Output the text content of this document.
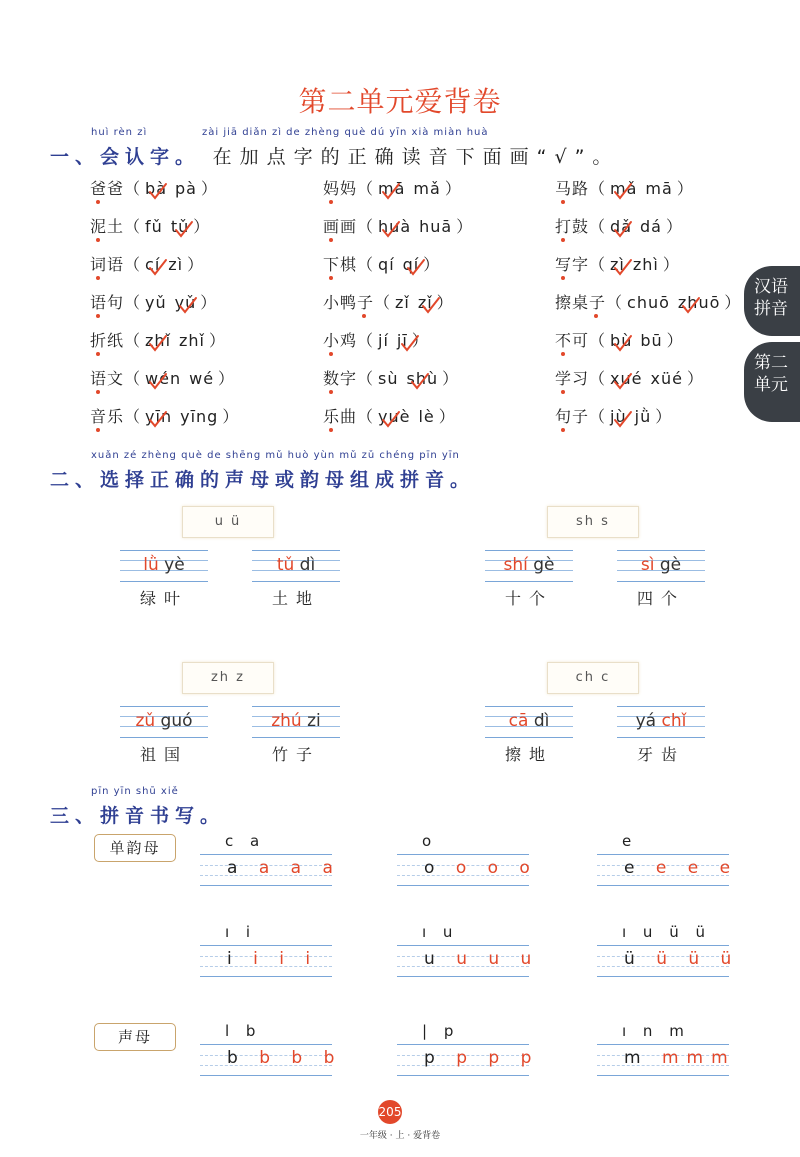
第二单元爱背卷
汉语拼音
第二单元
huì rèn zì	zài jiā diǎn zì de zhèng què dú yīn xià miàn huà
一、会认字。 在加点字的正确读音下面画“√”。
爸爸（ bà pà ）	妈妈（ mā mǎ ）	马路（ mǎ mā ）
泥土（ fǔ tǔ ）	画画（ huà huā ）	打鼓（ dǎ dá ）
词语（ cí zì ）	下棋（ qí qí ）	写字（ zì zhì ）
语句（ yǔ yǔ ）	小鸭子（ zǐ zǐ ）	擦桌子（ chuō zhuō ）
折纸（ zhǐ zhǐ ）	小鸡（ jí jī ）	不可（ bù bū ）
语文（ wén wé ）	数字（ sù shù ）	学习（ xué xüé ）
音乐（ yīn yīng ）	乐曲（ yuè lè ）	句子（ jù jǜ ）
xuǎn zé zhèng què de shēng mǔ huò yùn mǔ zǔ chéng pīn yīn
二、选择正确的声母或韵母组成拼音。
u ü
lǜ yè
绿叶
tǔ dì
土地
sh s
shí gè
十个
sì gè
四个
zh z
zǔ guó
祖国
zhú zi
竹子
ch c
cā dì
擦地
yá chǐ
牙齿
pīn yīn shū xiě
三、拼音书写。
单韵母
声母
c a
a a a a
o
o o o o
e
e e e e
ı i
i i i i
ı u
u u u u
ı u ü ü
ü ü ü ü
l b
b b b b
| p
p p p p
ı n m
m mmm
205
一年级 · 上 · 爱背卷
